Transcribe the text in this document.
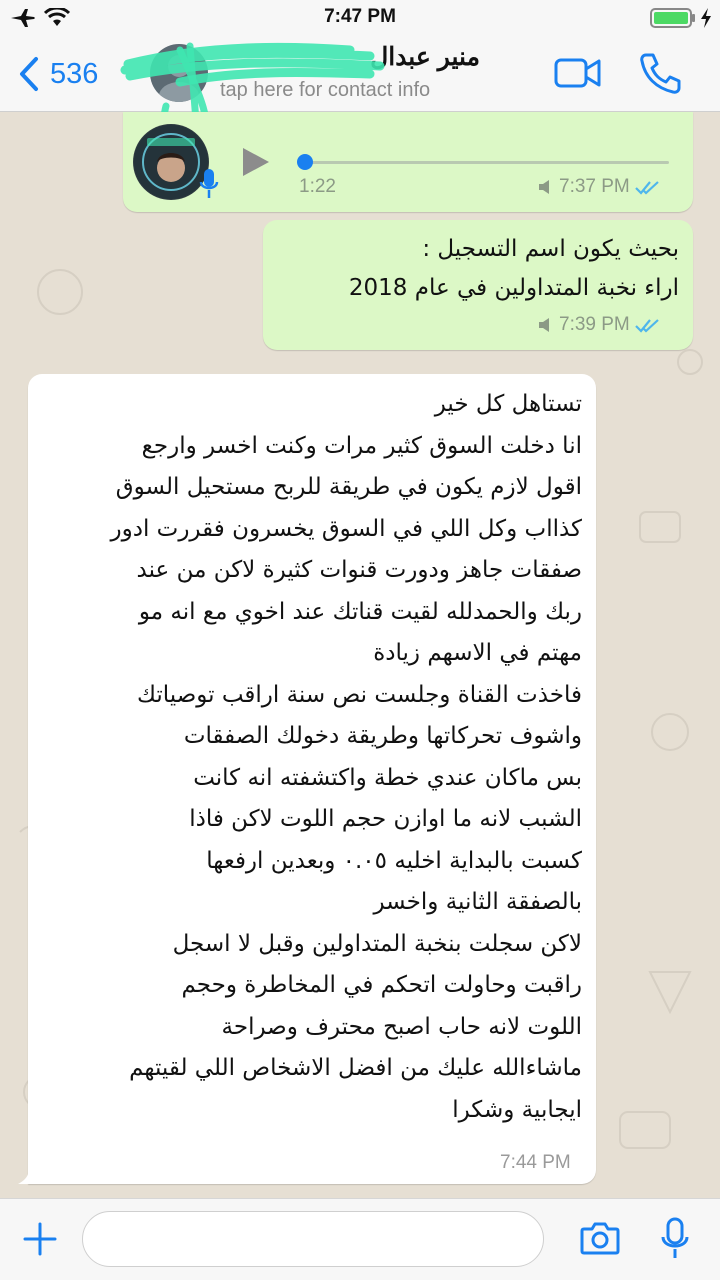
7:47 PM
536
منير عبدال
tap here for contact info
1:22	7:37 PM
بحيث يكون اسم التسجيل :
اراء نخبة المتداولين في عام 2018
7:39 PM
تستاهل كل خير
انا دخلت السوق كثير مرات وكنت اخسر وارجع
اقول لازم يكون في طريقة للربح مستحيل السوق
كذااب وكل اللي في السوق يخسرون فقررت ادور
صفقات جاهز ودورت قنوات كثيرة لاكن من عند
ربك والحمدلله لقيت قناتك عند اخوي مع انه مو
مهتم في الاسهم زيادة
فاخذت القناة وجلست نص سنة اراقب توصياتك
واشوف تحركاتها وطريقة دخولك الصفقات
بس ماكان عندي خطة واكتشفته انه كانت
الشبب لانه ما اوازن حجم اللوت لاكن فاذا
كسبت بالبداية اخليه ٠.٠٥ وبعدين ارفعها
بالصفقة الثانية واخسر
لاكن سجلت بنخبة المتداولين وقبل لا اسجل
راقبت وحاولت اتحكم في المخاطرة وحجم
اللوت لانه حاب اصبح محترف وصراحة
ماشاءالله عليك من افضل الاشخاص اللي لقيتهم
ايجابية وشكرا
7:44 PM
